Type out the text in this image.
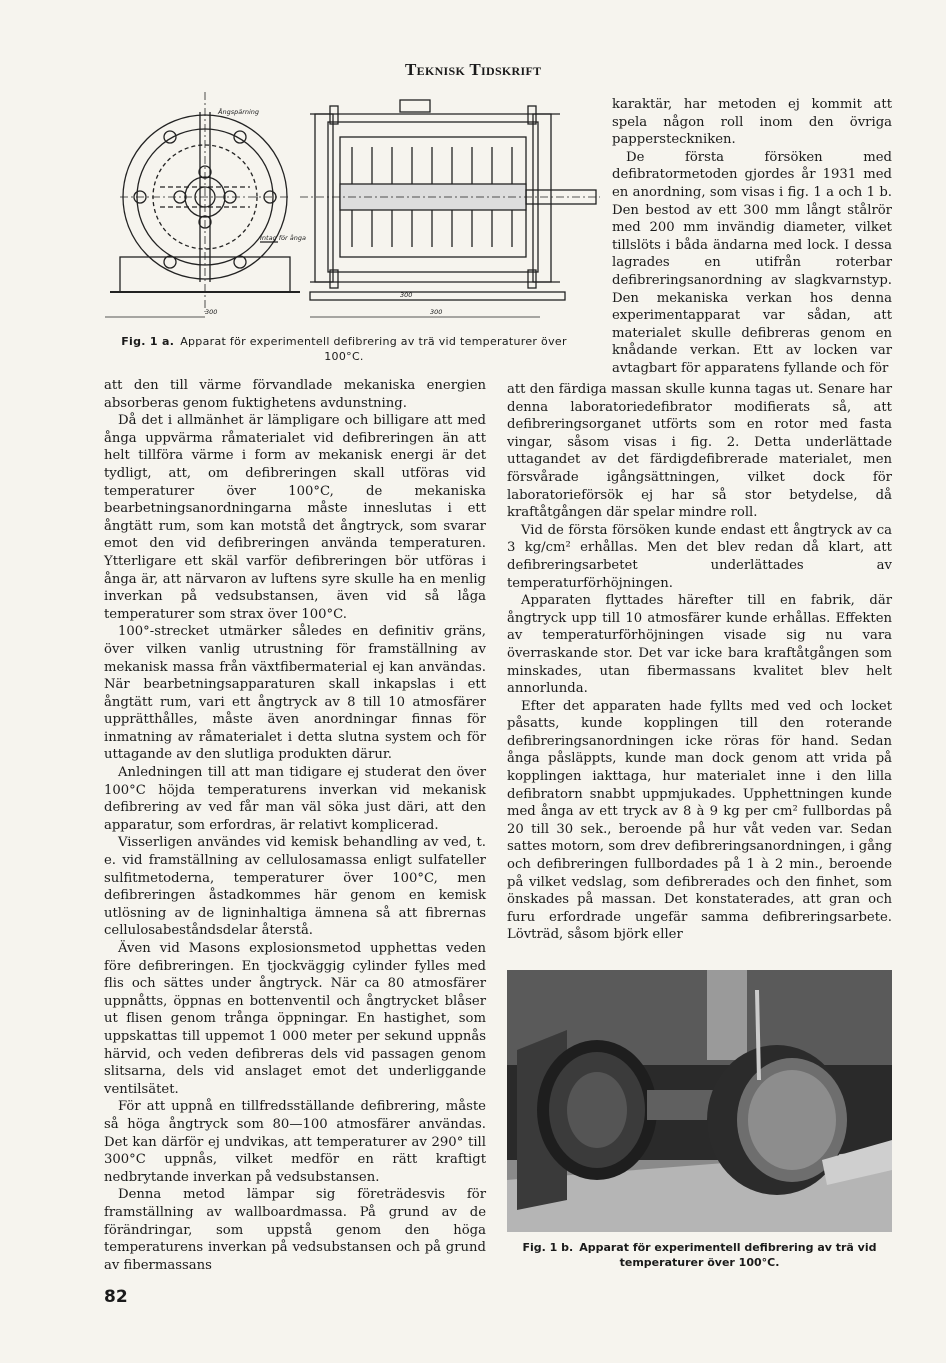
Teknisk Tidskrift
Ångspärning
Intag för ånga
300
300
300
Fig. 1 a. Apparat för experimentell defibrering av trä vid temperaturer över 100°C.

karaktär, har metoden ej kommit att spela någon roll inom den övriga pappersteckniken.

De första försöken med defibratormetoden gjordes år 1931 med en anordning, som visas i fig. 1 a och 1 b. Den bestod av ett 300 mm långt stålrör med 200 mm invändig diameter, vilket tillslöts i båda ändarna med lock. I dessa lagrades en utifrån roterbar defibreringsanordning av slagkvarnstyp. Den mekaniska verkan hos denna experimentapparat var sådan, att materialet skulle defibreras genom en knådande verkan. Ett av locken var avtagbart för apparatens fyllande och för

att den till värme förvandlade mekaniska energien absorberas genom fuktighetens avdunstning.

Då det i allmänhet är lämpligare och billigare att med ånga uppvärma råmaterialet vid defibreringen än att helt tillföra värme i form av mekanisk energi är det tydligt, att, om defibreringen skall utföras vid temperaturer över 100°C, de mekaniska bearbetningsanordningarna måste inneslutas i ett ångtätt rum, som kan motstå det ångtryck, som svarar emot den vid defibreringen använda temperaturen. Ytterligare ett skäl varför defibreringen bör utföras i ånga är, att närvaron av luftens syre skulle ha en menlig inverkan på vedsubstansen, även vid så låga temperaturer som strax över 100°C.

100°-strecket utmärker således en definitiv gräns, över vilken vanlig utrustning för framställning av mekanisk massa från växtfibermaterial ej kan användas. När bearbetningsapparaturen skall inkapslas i ett ångtätt rum, vari ett ångtryck av 8 till 10 atmosfärer upprätthålles, måste även anordningar finnas för inmatning av råmaterialet i detta slutna system och för uttagande av den slutliga produkten därur.

Anledningen till att man tidigare ej studerat den över 100°C höjda temperaturens inverkan vid mekanisk defibrering av ved får man väl söka just däri, att den apparatur, som erfordras, är relativt komplicerad.

Visserligen användes vid kemisk behandling av ved, t. e. vid framställning av cellulosamassa enligt sulfateller sulfitmetoderna, temperaturer över 100°C, men defibreringen åstadkommes här genom en kemisk utlösning av de ligninhaltiga ämnena så att fibrernas cellulosabeståndsdelar återstå.

Även vid Masons explosionsmetod upphettas veden före defibreringen. En tjockväggig cylinder fylles med flis och sättes under ångtryck. När ca 80 atmosfärer uppnåtts, öppnas en bottenventil och ångtrycket blåser ut flisen genom trånga öppningar. En hastighet, som uppskattas till uppemot 1 000 meter per sekund uppnås härvid, och veden defibreras dels vid passagen genom slitsarna, dels vid anslaget emot det underliggande ventilsätet.

För att uppnå en tillfredsställande defibrering, måste så höga ångtryck som 80—100 atmosfärer användas. Det kan därför ej undvikas, att temperaturer av 290° till 300°C uppnås, vilket medför en rätt kraftigt nedbrytande inverkan på vedsubstansen.

Denna metod lämpar sig företrädesvis för framställning av wallboardmassa. På grund av de förändringar, som uppstå genom den höga temperaturens inverkan på vedsubstansen och på grund av fibermassans

att den färdiga massan skulle kunna tagas ut. Senare har denna laboratoriedefibrator modifierats så, att defibreringsorganet utförts som en rotor med fasta vingar, såsom visas i fig. 2. Detta underlättade uttagandet av det färdigdefibrerade materialet, men försvårade igångsättningen, vilket dock för laboratorieförsök ej har så stor betydelse, då kraftåtgången där spelar mindre roll.

Vid de första försöken kunde endast ett ångtryck av ca 3 kg/cm² erhållas. Men det blev redan då klart, att defibreringsarbetet underlättades av temperaturförhöjningen.

Apparaten flyttades härefter till en fabrik, där ångtryck upp till 10 atmosfärer kunde erhållas. Effekten av temperaturförhöjningen visade sig nu vara överraskande stor. Det var icke bara kraftåtgången som minskades, utan fibermassans kvalitet blev helt annorlunda.

Efter det apparaten hade fyllts med ved och locket påsatts, kunde kopplingen till den roterande defibreringsanordningen icke röras för hand. Sedan ånga påsläppts, kunde man dock genom att vrida på kopplingen iakttaga, hur materialet inne i den lilla defibratorn snabbt uppmjukades. Upphettningen kunde med ånga av ett tryck av 8 à 9 kg per cm² fullbordas på 20 till 30 sek., beroende på hur våt veden var. Sedan sattes motorn, som drev defibreringsanordningen, i gång och defibreringen fullbordades på 1 à 2 min., beroende på vilket vedslag, som defibrerades och den finhet, som önskades på massan. Det konstaterades, att gran och furu erfordrade ungefär samma defibreringsarbete. Lövträd, såsom björk eller

Fig. 1 b. Apparat för experimentell defibrering av trä vid temperaturer över 100°C.
82
